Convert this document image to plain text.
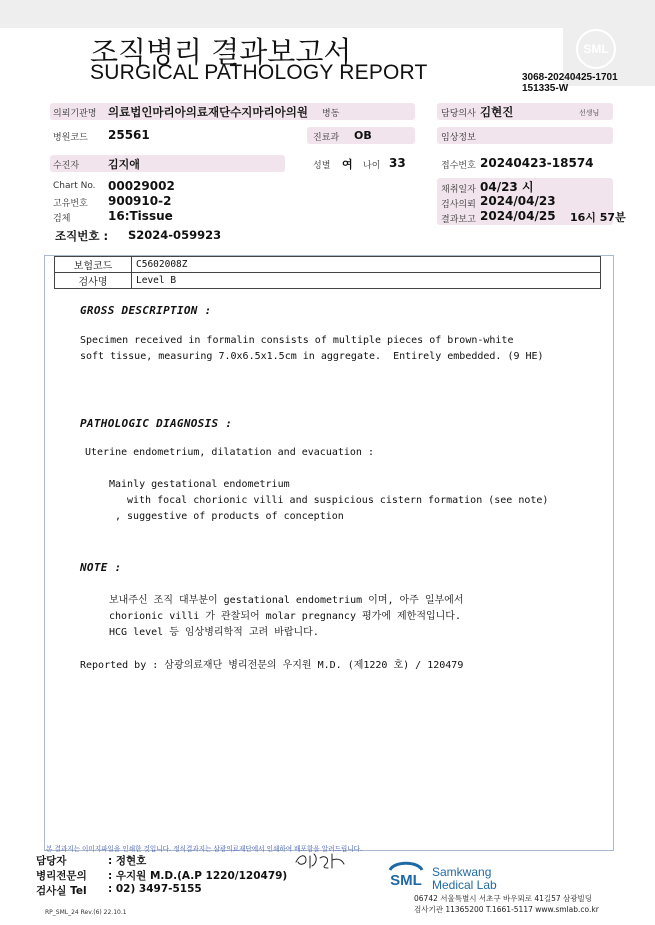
조직병리 결과보고서
SURGICAL PATHOLOGY REPORT
SML
3068-20240425-1701
151335-W
의뢰기관명 의료법인마리아의료재단수지마리아의원 병동	담당의사 김현진	선생님
병원코드 25561	진료과 OB	임상정보
수진자	김지애	성별 여 나이 33	접수번호 20240423-18574
Chart No. 00029002
고유번호 900910-2
검체	16:Tissue
채취일자 04/23 시
검사의뢰 2024/04/23
결과보고 2024/04/25 16시 57분
조직번호 : S2024-059923
보험코드	C5602008Z
검사명	Level B
GROSS DESCRIPTION :
Specimen received in formalin consists of multiple pieces of brown-white
soft tissue, measuring 7.0x6.5x1.5cm in aggregate.  Entirely embedded. (9 HE)
PATHOLOGIC DIAGNOSIS :
Uterine endometrium, dilatation and evacuation :
Mainly gestational endometrium
with focal chorionic villi and suspicious cistern formation (see note)
, suggestive of products of conception
NOTE :
보내주신 조직 대부분이 gestational endometrium 이며, 아주 일부에서
chorionic villi 가 관찰되어 molar pregnancy 평가에 제한적입니다.
HCG level 등 임상병리학적 고려 바랍니다.
Reported by : 삼광의료재단 병리전문의 우지원 M.D. (제1220 호) / 120479
본 결과지는 이미지파일을 인쇄한 것입니다. 정식결과지는 삼광의료재단에서 인쇄하여 배포함을 알려드립니다.
담당자	: 정현호
병리전문의 : 우지원 M.D.(A.P 1220/120479)
검사실 Tel : 02) 3497-5155	SML Samkwang
Medical Lab
06742 서울특별시 서초구 바우뫼로 41길57 삼광빌딩
검사기관 11365200 T.1661-5117 www.smlab.co.kr
RP_SML_24 Rev.(6) 22.10.1
